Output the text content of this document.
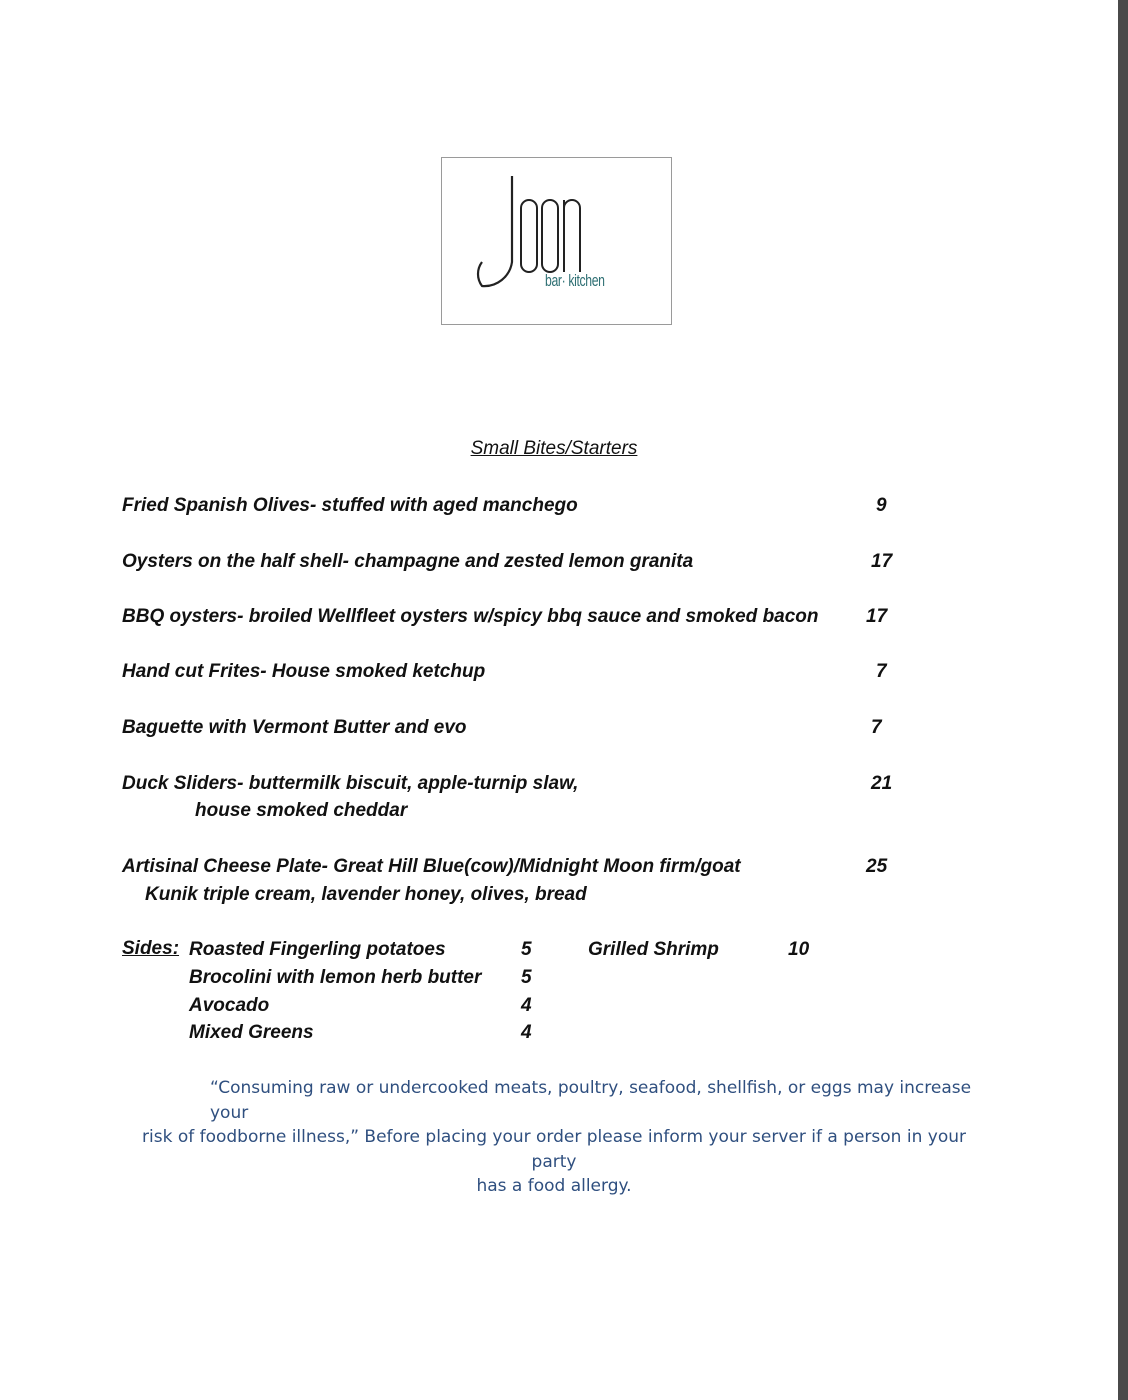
bar· kitchen
Small Bites/Starters
Fried Spanish Olives- stuffed with aged manchego	9
Oysters on the half shell- champagne and zested lemon granita	17
BBQ oysters- broiled Wellfleet oysters w/spicy bbq sauce and smoked bacon 17
Hand cut Frites- House smoked ketchup	7
Baguette with Vermont Butter and evo	7
Duck Sliders- buttermilk biscuit, apple-turnip slaw,
house smoked cheddar
21
Artisinal Cheese Plate- Great Hill Blue(cow)/Midnight Moon firm/goat
Kunik triple cream, lavender honey, olives, bread
25
Sides: Roasted Fingerling potatoes	5
Brocolini with lemon herb butter 5
Avocado	4
Mixed Greens	4
Grilled Shrimp	10
“Consuming raw or undercooked meats, poultry, seafood, shellfish, or eggs may increase your
risk of foodborne illness,” Before placing your order please inform your server if a person in your party
has a food allergy.
